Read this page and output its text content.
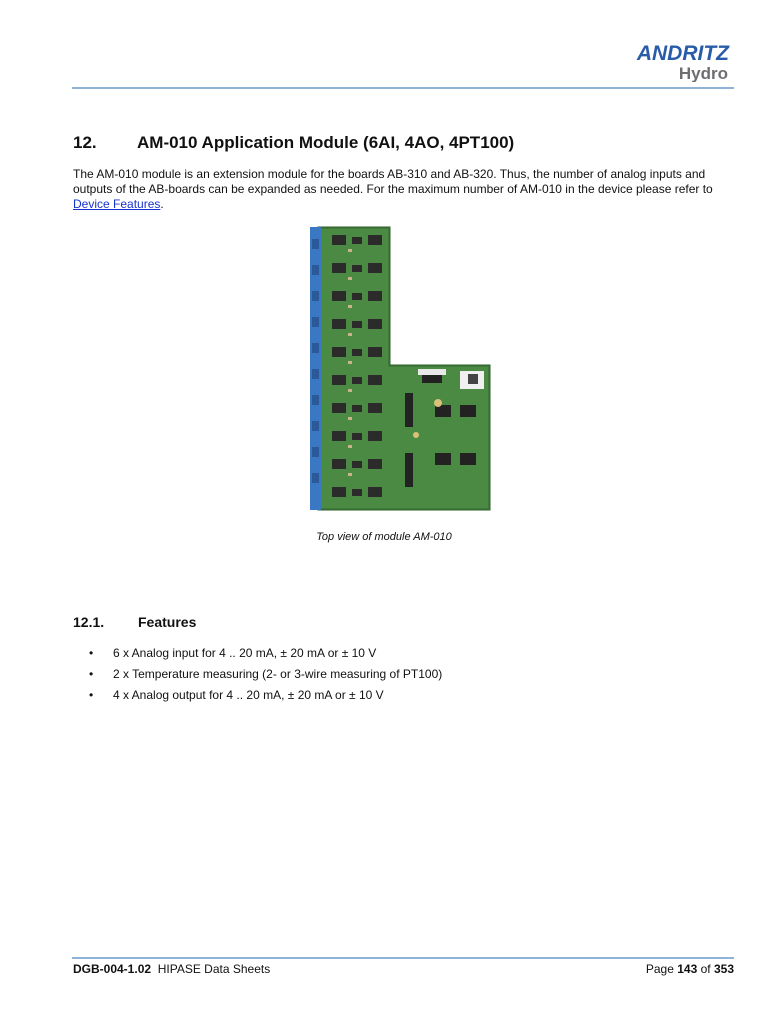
ANDRITZ
Hydro
12. AM-010 Application Module (6AI, 4AO, 4PT100)

The AM-010 module is an extension module for the boards AB-310 and AB-320. Thus, the number of analog inputs and outputs of the AB-boards can be expanded as needed. For the maximum number of AM-010 in the device please refer to Device Features.

Top view of module AM-010
12.1. Features
• 6 x Analog input for 4 .. 20 mA, ± 20 mA or ± 10 V
• 2 x Temperature measuring (2- or 3-wire measuring of PT100)
• 4 x Analog output for 4 .. 20 mA, ± 20 mA or ± 10 V
DGB-004-1.02 HIPASE Data Sheets	Page 143 of 353
